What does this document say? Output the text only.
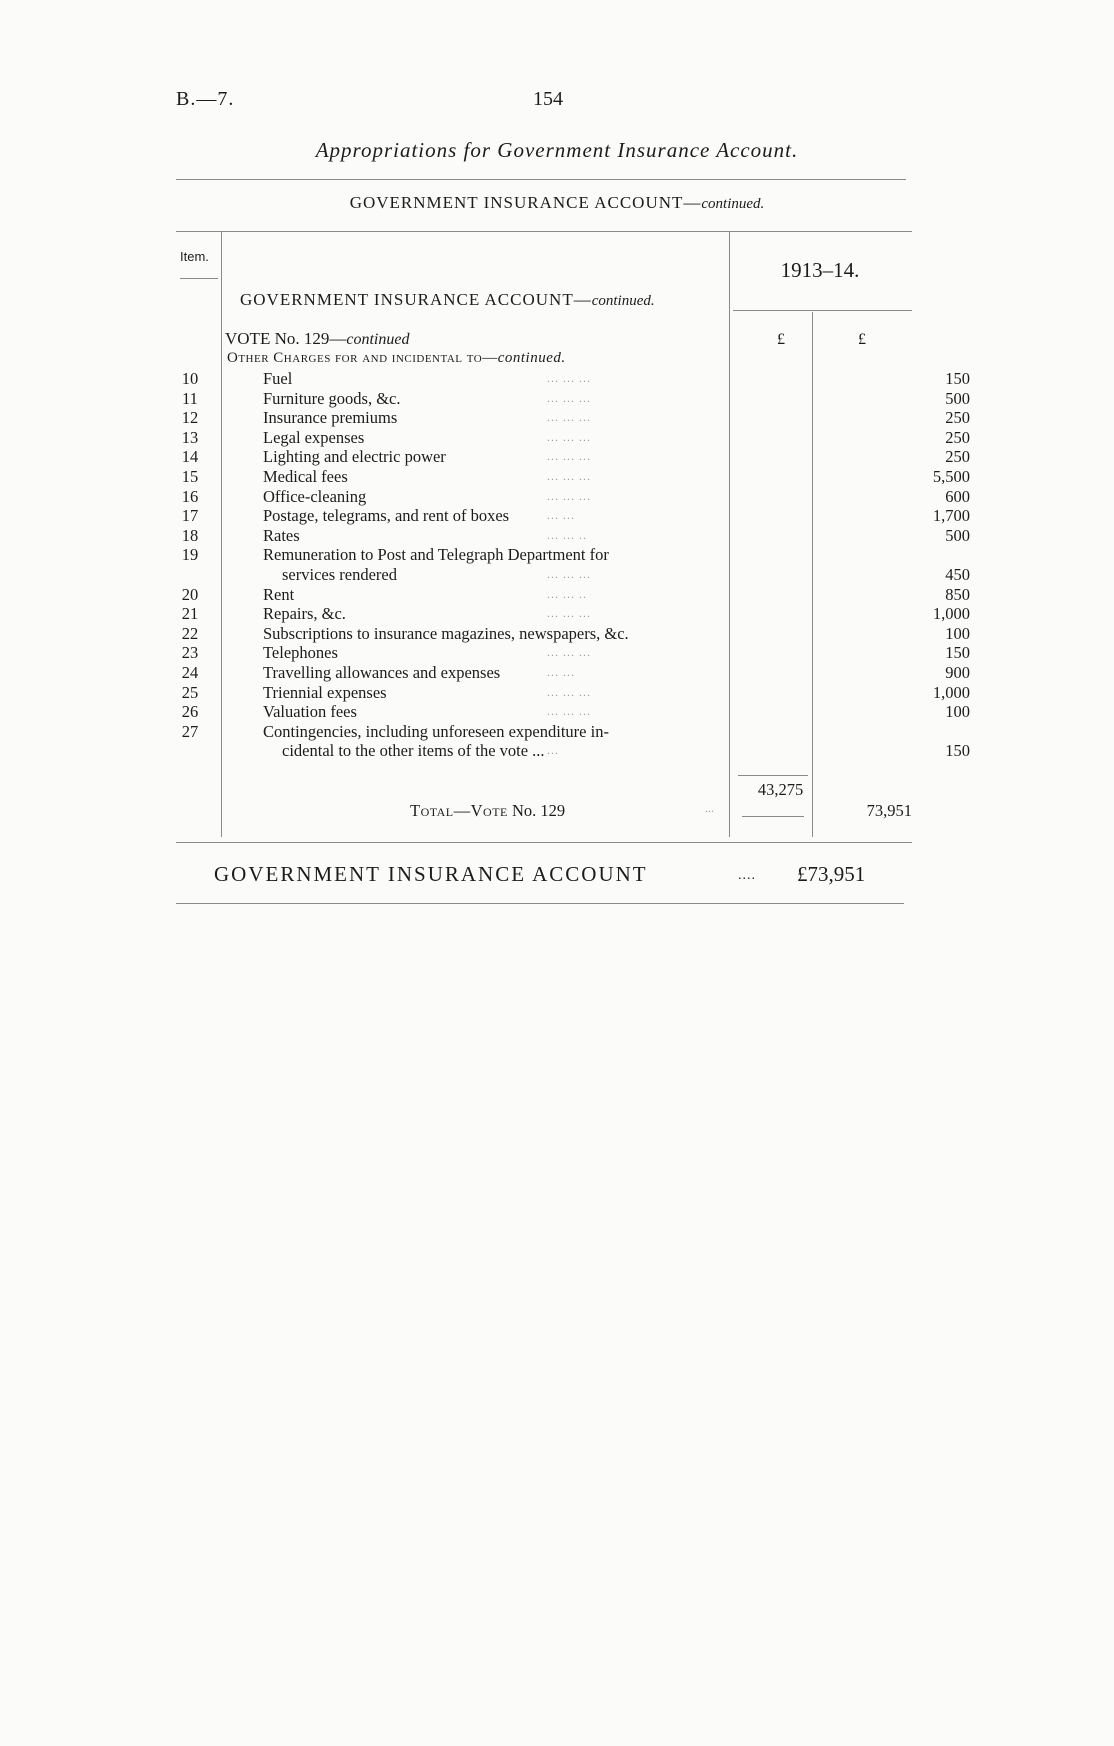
B.—7.	154
Appropriations for Government Insurance Account.
GOVERNMENT INSURANCE ACCOUNT—continued.
Item.
GOVERNMENT INSURANCE ACCOUNT—continued.
1913–14.
VOTE No. 129—continued	£	£
Other Charges for and incidental to—continued.
10	Fuel	... ... ...	150
11	Furniture goods, &c.	... ... ...	500
12	Insurance premiums	... ... ...	250
13	Legal expenses	... ... ...	250
14	Lighting and electric power	... ... ...	250
15	Medical fees	... ... ...	5,500
16	Office-cleaning	... ... ...	600
17	Postage, telegrams, and rent of boxes	... ...	1,700
18	Rates	... ... ..	500
19	Remuneration to Post and Telegraph Department for
services rendered	... ... ...	450
20	Rent	... ... ..	850
21	Repairs, &c.	... ... ...	1,000
22	Subscriptions to insurance magazines, newspapers, &c.	100
23	Telephones	... ... ...	150
24	Travelling allowances and expenses	... ...	900
25	Triennial expenses	... ... ...	1,000
26	Valuation fees	... ... ...	100
27	Contingencies, including unforeseen expenditure in-
cidental to the other items of the vote ... ...	150
43,275
Total—Vote No. 129	...	73,951
GOVERNMENT INSURANCE ACCOUNT	.... £73,951
